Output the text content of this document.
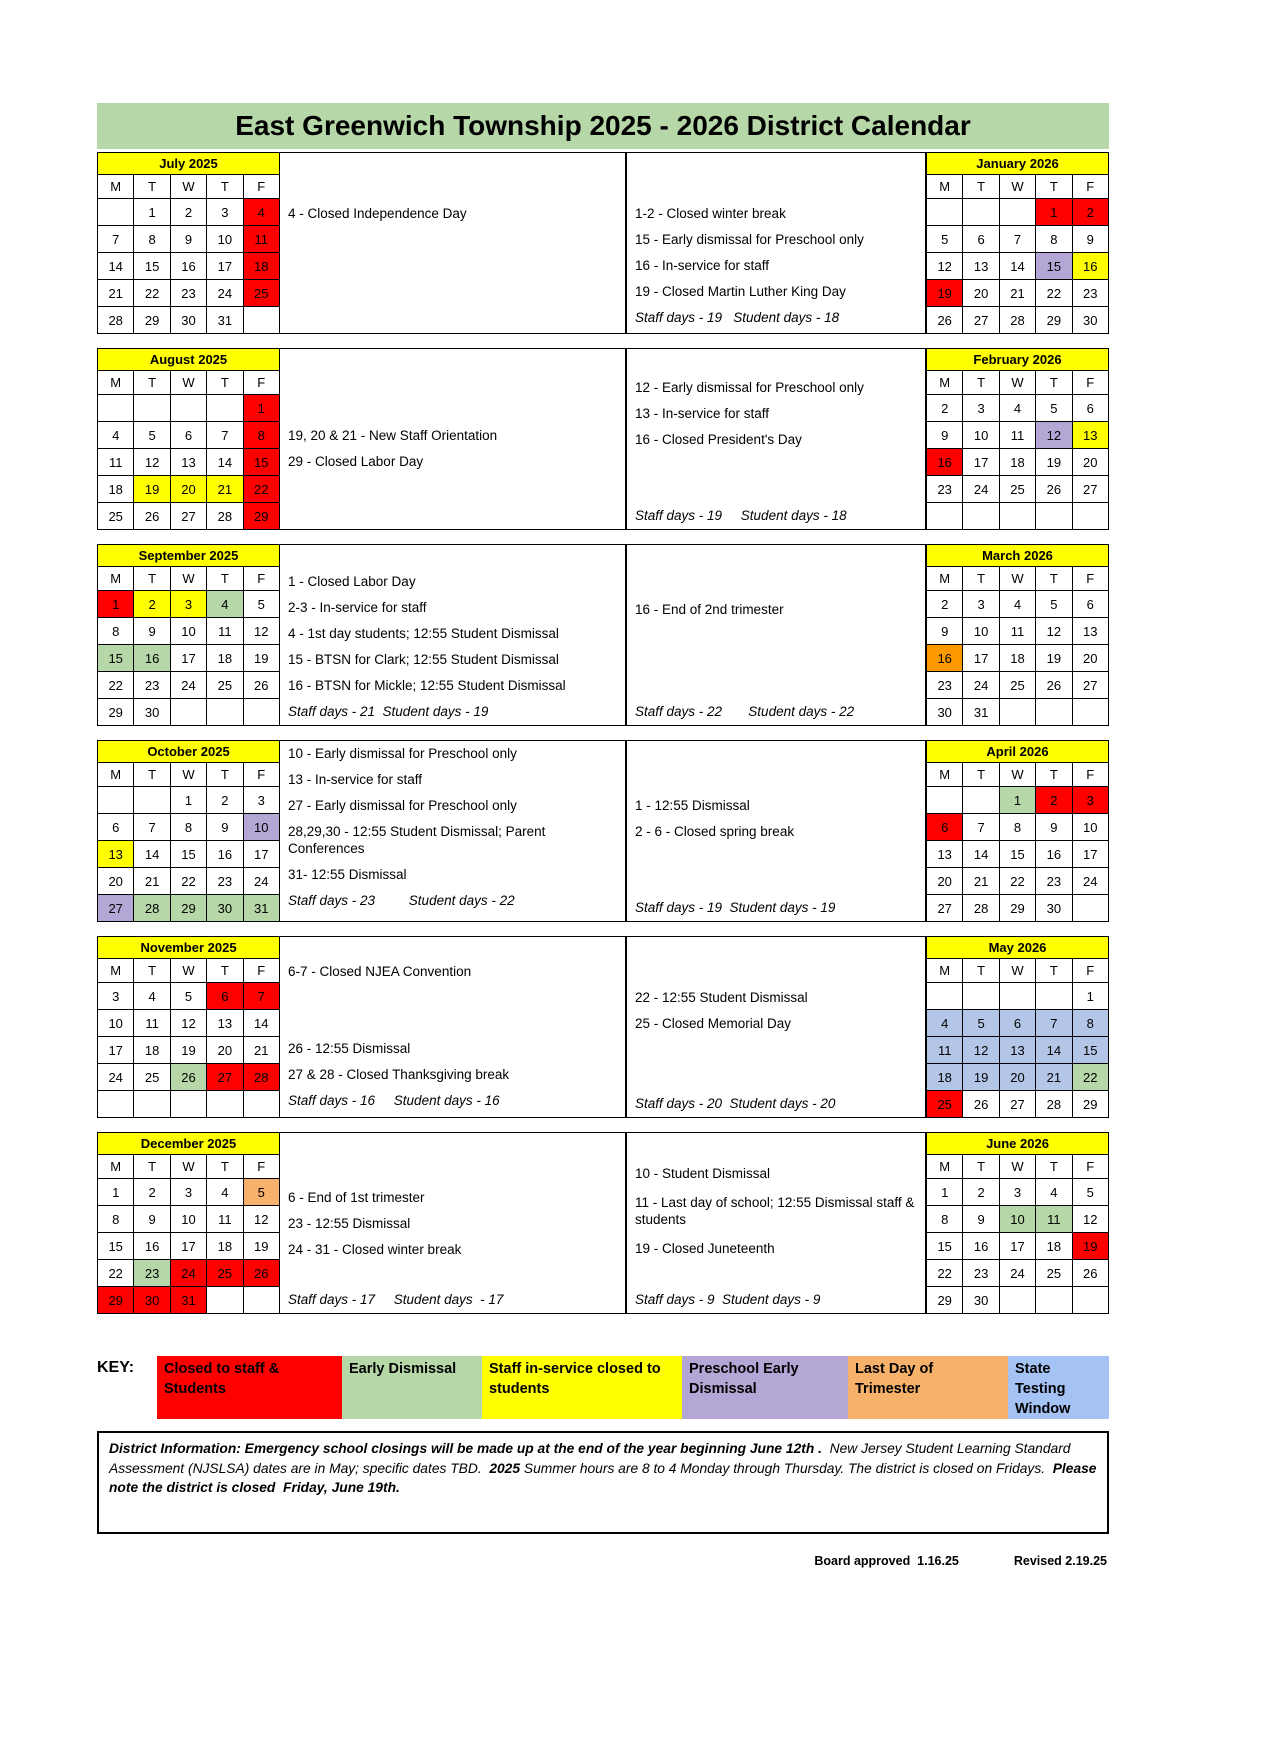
East Greenwich Township 2025 - 2026 District Calendar
July 2025				
M	T	W	T	F
	1	2	3	4
7	8	9	10	11
14	15	16	17	18
21	22	23	24	25
28	29	30	31	
4 - Closed Independence Day	1-2 - Closed winter break
15 - Early dismissal for Preschool only
16 - In-service for staff
19 - Closed Martin Luther King Day
Staff days - 19   Student days - 18
January 2026				
M	T	W	T	F
			1	2
5	6	7	8	9
12	13	14	15	16
19	20	21	22	23
26	27	28	29	30
August 2025				
M	T	W	T	F
				1
4	5	6	7	8
11	12	13	14	15
18	19	20	21	22
25	26	27	28	29
19, 20 & 21 - New Staff Orientation
29 - Closed Labor Day
12 - Early dismissal for Preschool only
13 - In-service for staff
16 - Closed President's Day
Staff days - 19     Student days - 18
February 2026				
M	T	W	T	F
2	3	4	5	6
9	10	11	12	13
16	17	18	19	20
23	24	25	26	27

September 2025				
M	T	W	T	F
1	2	3	4	5
8	9	10	11	12
15	16	17	18	19
22	23	24	25	26
29	30			
1 - Closed Labor Day
2-3 - In-service for staff
4 - 1st day students; 12:55 Student Dismissal
15 - BTSN for Clark; 12:55 Student Dismissal
16 - BTSN for Mickle; 12:55 Student Dismissal
Staff days - 21  Student days - 19
16 - End of 2nd trimester
Staff days - 22       Student days - 22
March 2026				
M	T	W	T	F
2	3	4	5	6
9	10	11	12	13
16	17	18	19	20
23	24	25	26	27
30	31			
October 2025				
M	T	W	T	F
		1	2	3
6	7	8	9	10
13	14	15	16	17
20	21	22	23	24
27	28	29	30	31
10 - Early dismissal for Preschool only
13 - In-service for staff
27 - Early dismissal for Preschool only
28,29,30 - 12:55 Student Dismissal; Parent Conferences
31- 12:55 Dismissal
Staff days - 23         Student days - 22
1 - 12:55 Dismissal
2 - 6 - Closed spring break
Staff days - 19  Student days - 19
April 2026				
M	T	W	T	F
		1	2	3
6	7	8	9	10
13	14	15	16	17
20	21	22	23	24
27	28	29	30	
November 2025				
M	T	W	T	F
3	4	5	6	7
10	11	12	13	14
17	18	19	20	21
24	25	26	27	28

6-7 - Closed NJEA Convention
26 - 12:55 Dismissal
27 & 28 - Closed Thanksgiving break
Staff days - 16     Student days - 16
22 - 12:55 Student Dismissal
25 - Closed Memorial Day
Staff days - 20  Student days - 20
May 2026				
M	T	W	T	F
				1
4	5	6	7	8
11	12	13	14	15
18	19	20	21	22
25	26	27	28	29
December 2025				
M	T	W	T	F
1	2	3	4	5
8	9	10	11	12
15	16	17	18	19
22	23	24	25	26
29	30	31		
6 - End of 1st trimester
23 - 12:55 Dismissal
24 - 31 - Closed winter break
Staff days - 17     Student days  - 17
10 - Student Dismissal
11 - Last day of school; 12:55 Dismissal staff & students
19 - Closed Juneteenth
Staff days - 9  Student days - 9
June 2026				
M	T	W	T	F
1	2	3	4	5
8	9	10	11	12
15	16	17	18	19
22	23	24	25	26
29	30			
KEY:	Closed to staff & Students
Early Dismissal	Staff in-service closed to students
Preschool Early Dismissal
Last Day of Trimester
State Testing Window
District Information: Emergency school closings will be made up at the end of the year beginning June 12th .  New Jersey Student Learning Standard Assessment (NJSLSA) dates are in May; specific dates TBD.  2025 Summer hours are 8 to 4 Monday through Thursday. The district is closed on Fridays.  Please note the district is closed  Friday, June 19th.
Board approved  1.16.25	Revised 2.19.25
